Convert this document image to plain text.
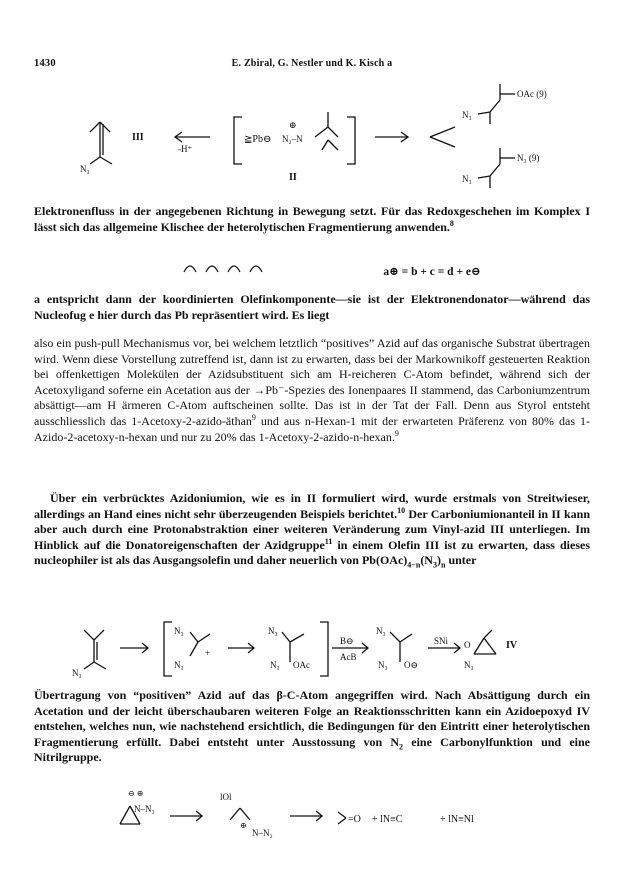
1430	E. Zbiral, G. Nestler und K. Kisch a
N₃
III
-H⁺
≧Pb⊖
⊕
N₂–N
II
OAc (9)
N₃
N₃ (9)
N₃
Elektronenfluss in der angegebenen Richtung in Bewegung setzt. Für das Redoxgeschehen im Komplex I lässt sich das allgemeine Klischee der heterolytischen Fragmentierung anwenden.$^8$
a⊕ = b + c = d + e⊖
a entspricht dann der koordinierten Olefinkomponente—sie ist der Elektronendonator—während das Nucleofug e hier durch das Pb repräsentiert wird. Es liegt
also ein push-pull Mechanismus vor, bei welchem letztlich “positives” Azid auf das organische Substrat übertragen wird. Wenn diese Vorstellung zutreffend ist, dann ist zu erwarten, dass bei der Markownikoff gesteuerten Reaktion bei offenkettigen Molekülen der Azidsubstituent sich am H-reicheren C-Atom befindet, während sich der Acetoxyligand soferne ein Acetation aus der →Pb⁻-Spezies des Ionenpaares II stammend, das Carboniumzentrum absättigt—am H ärmeren C-Atom auftscheinen sollte. Das ist in der Tat der Fall. Denn aus Styrol entsteht ausschliesslich das 1-Acetoxy-2-azido-äthan$^9$ und aus n-Hexan-1 mit der erwarteten Präferenz von 80% das 1-Azido-2-acetoxy-n-hexan und nur zu 20% das 1-Acetoxy-2-azido-n-hexan.$^9$
Über ein verbrücktes Azidoniumion, wie es in II formuliert wird, wurde erstmals von Streitwieser, allerdings an Hand eines nicht sehr überzeugenden Beispiels berichtet.$^{10}$ Der Carboniumionanteil in II kann aber auch durch eine Protonabstraktion einer weiteren Veränderung zum Vinyl-azid III unterliegen. Im Hinblick auf die Donatoreigenschaften der Azidgruppe$^{11}$ in einem Olefin III ist zu erwarten, dass dieses nucleophiler ist als das Ausgangsolefin und daher neuerlich von $Pb(OAc)_{4-n}(N_3)_n$ unter
N₃
N₃
+
N₃
N₃
N₃ OAc
B⊖
AcB
N₃
N₃ O⊖
SNi O
N₃
IV
Übertragung von “positiven” Azid auf das β-C-Atom angegriffen wird. Nach Absättigung durch ein Acetation und der leicht überschaubaren weiteren Folge an Reaktionsschritten kann ein Azidoepoxyd IV entstehen, welches nun, wie nachstehend ersichtlich, die Bedingungen für den Eintritt einer heterolytischen Fragmentierung erfüllt. Dabei entsteht unter Ausstossung von $N_2$ eine Carbonylfunktion und eine Nitrilgruppe.
⊖ ⊕
N–N₃
lOl
N–N₂
⊕
=O + lN≡C	+ lN≡Nl
